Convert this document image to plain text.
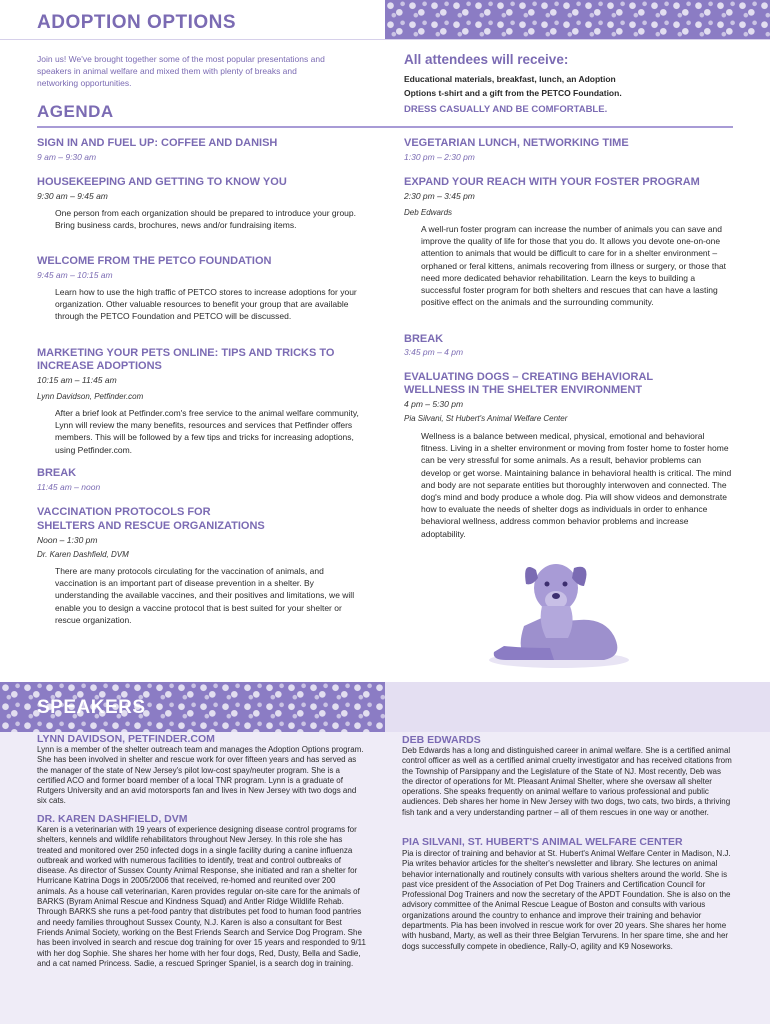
ADOPTION OPTIONS
Join us! We've brought together some of the most popular presentations and speakers in animal welfare and mixed them with plenty of breaks and networking opportunities.
All attendees will receive:
Educational materials, breakfast, lunch, an Adoption
Options t-shirt and a gift from the PETCO Foundation.
DRESS CASUALLY AND BE COMFORTABLE.
AGENDA
SIGN IN AND FUEL UP: COFFEE AND DANISH
9 am – 9:30 am
HOUSEKEEPING AND GETTING TO KNOW YOU
9:30 am – 9:45 am
One person from each organization should be prepared to introduce your group. Bring business cards, brochures, news and/or fundraising items.
WELCOME FROM THE PETCO FOUNDATION
9:45 am – 10:15 am
Learn how to use the high traffic of PETCO stores to increase adoptions for your organization. Other valuable resources to benefit your group that are available through the PETCO Foundation and PETCO will be discussed.
MARKETING YOUR PETS ONLINE: TIPS AND TRICKS TO
INCREASE ADOPTIONS
10:15 am – 11:45 am
Lynn Davidson, Petfinder.com
After a brief look at Petfinder.com's free service to the animal welfare community, Lynn will review the many benefits, resources and services that Petfinder offers members. This will be followed by a few tips and tricks for increasing adoptions, using Petfinder.com.
BREAK
11:45 am – noon
VACCINATION PROTOCOLS FOR
SHELTERS AND RESCUE ORGANIZATIONS
Noon – 1:30 pm
Dr. Karen Dashfield, DVM
There are many protocols circulating for the vaccination of animals, and vaccination is an important part of disease prevention in a shelter. By understanding the available vaccines, and their positives and limitations, we will enable you to design a vaccine protocol that is best suited for your shelter or rescue organization.
VEGETARIAN LUNCH, NETWORKING TIME
1:30 pm – 2:30 pm
EXPAND YOUR REACH WITH YOUR FOSTER PROGRAM
2:30 pm – 3:45 pm
Deb Edwards
A well-run foster program can increase the number of animals you can save and improve the quality of life for those that you do. It allows you devote one-on-one attention to animals that would be difficult to care for in a shelter environment – orphaned or feral kittens, animals recovering from illness or surgery, or those that need more dedicated behavior rehabilitation. Learn the keys to building a successful foster program for both shelters and rescues that can have a lasting positive effect on the animals and the surrounding community.
BREAK
3:45 pm – 4 pm
EVALUATING DOGS – CREATING BEHAVIORAL
WELLNESS IN THE SHELTER ENVIRONMENT
4 pm – 5:30 pm
Pia Silvani, St Hubert's Animal Welfare Center
Wellness is a balance between medical, physical, emotional and behavioral fitness. Living in a shelter environment or moving from foster home to foster home can be very stressful for some animals. As a result, behavior problems can develop or get worse. Maintaining balance in behavioral health is critical. The mind and body are not separate entities but thoroughly interwoven and connected. The dog's mind and body produce a whole dog. Pia will show videos and demonstrate how to evaluate the needs of shelter dogs as individuals in order to enhance behavioral wellness, address common behavior problems and increase adoptability.
SPEAKERS
LYNN DAVIDSON, PETFINDER.COM
Lynn is a member of the shelter outreach team and manages the Adoption Options program. She has been involved in shelter and rescue work for over fifteen years and has served as the manager of the state of New Jersey's pilot low-cost spay/neuter program. She is a certified ACO and former board member of a local TNR program. Lynn is a graduate of Rutgers University and an avid motorsports fan and lives in New Jersey with two dogs and six cats.
DR. KAREN DASHFIELD, DVM
Karen is a veterinarian with 19 years of experience designing disease control programs for shelters, kennels and wildlife rehabilitators throughout New Jersey. In this role she has treated and monitored over 250 infected dogs in a single facility during a canine influenza outbreak and worked with numerous facilities to identify, treat and control outbreaks of disease. As director of Sussex County Animal Response, she initiated and ran a shelter for Hurricane Katrina Dogs in 2005/2006 that received, re-homed and reunited over 200 animals. As a house call veterinarian, Karen provides regular on-site care for the animals of BARKS (Byram Animal Rescue and Kindness Squad) and Antler Ridge Wildlife Rehab. Through BARKS she runs a pet-food pantry that distributes pet food to human food pantries and needy families throughout Sussex County, N.J. Karen is also a consultant for Best Friends Animal Society, working on the Best Friends Search and Service Dog Program. She has been involved in search and rescue dog training for over 15 years and responded to 9/11 with her dog Sophie. She shares her home with her four dogs, Red, Dusty, Bella and Sadie, and a cat named Princess. Sadie, a rescued Springer Spaniel, is a search dog in training.
DEB EDWARDS
Deb Edwards has a long and distinguished career in animal welfare. She is a certified animal control officer as well as a certified animal cruelty investigator and has received citations from the Township of Parsippany and the Legislature of the State of NJ. Most recently, Deb was the director of operations for Mt. Pleasant Animal Shelter, where she oversaw all shelter operations. She speaks frequently on animal welfare to various professional and public audiences. Deb shares her home in New Jersey with two dogs, two cats, two birds, a thriving fish tank and a very understanding partner – all of them rescues in one way or another.
PIA SILVANI, ST. HUBERT'S ANIMAL WELFARE CENTER
Pia is director of training and behavior at St. Hubert's Animal Welfare Center in Madison, N.J. Pia writes behavior articles for the shelter's newsletter and library. She lectures on animal behavior internationally and routinely consults with various shelters around the world. She is past vice president of the Association of Pet Dog Trainers and Certification Council for Professional Dog Trainers and now the secretary of the APDT Foundation. She is also on the advisory committee of the Animal Rescue League of Boston and consults with various organizations around the country to enhance and improve their training and behavior departments. Pia has been involved in rescue work for over 20 years. She shares her home with husband, Marty, as well as their three Belgian Tervurens. In her spare time, she and her dogs successfully compete in obedience, Rally-O, agility and K9 Noseworks.
